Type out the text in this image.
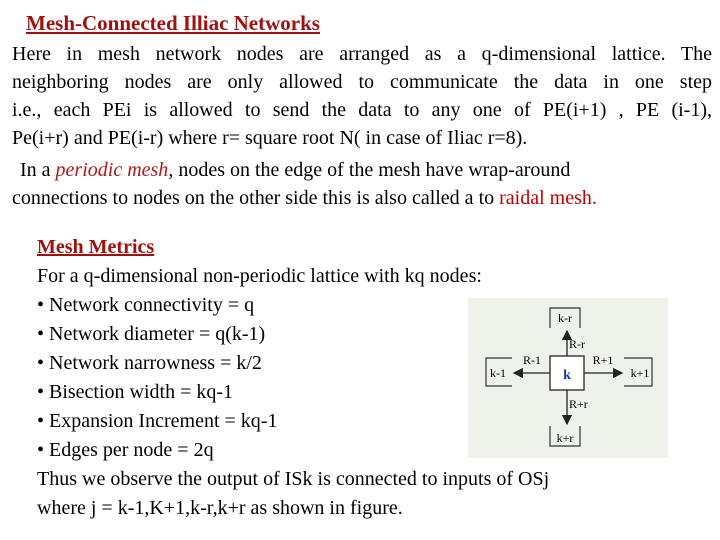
Mesh-Connected Illiac Networks
Here in mesh network nodes are arranged as a q-dimensional lattice. The
neighboring nodes are only allowed to communicate the data in one step
i.e., each PEi is allowed to send the data to any one of PE(i+1) , PE (i-1),
Pe(i+r) and PE(i-r) where r= square root N( in case of Iliac r=8).
In a periodic mesh, nodes on the edge of the mesh have wrap-around
connections to nodes on the other side this is also called a to raidal mesh.
Mesh Metrics
For a q-dimensional non-periodic lattice with kq nodes:
• Network connectivity = q
• Network diameter = q(k-1)
• Network narrowness = k/2
• Bisection width = kq-1
• Expansion Increment = kq-1
• Edges per node = 2q
Thus we observe the output of ISk is connected to inputs of OSj
where j = k-1,K+1,k-r,k+r as shown in figure.
k
k-r
k+r
k-1	k+1
R-1	R+1
R-r
R+r
